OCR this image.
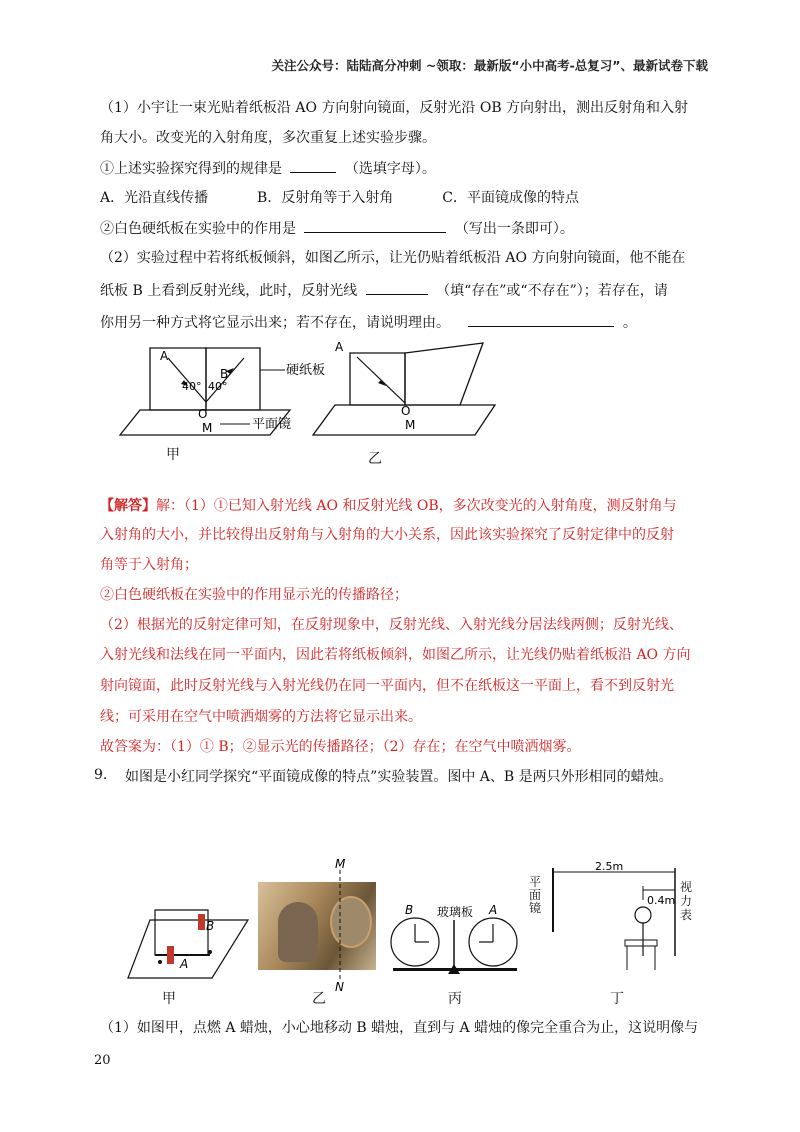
关注公众号：陆陆高分冲刺 ~领取：最新版“小中高考-总复习”、最新试卷下载
（1）小宇让一束光贴着纸板沿 AO 方向射向镜面，反射光沿 OB 方向射出，测出反射角和入射
角大小。改变光的入射角度，多次重复上述实验步骤。
①上述实验探究得到的规律是	（选填字母）。
A．光沿直线传播	B．反射角等于入射角	C．平面镜成像的特点
②白色硬纸板在实验中的作用是	（写出一条即可）。
（2）实验过程中若将纸板倾斜，如图乙所示，让光仍贴着纸板沿 AO 方向射向镜面，他不能在
纸板 B 上看到反射光线，此时，反射光线	（填“存在”或“不存在”）；若存在，请
你用另一种方式将它显示出来；若不存在，请说明理由。	。
A
B
40° 40°
O
M
硬纸板
平面镜
甲
A
O
M
乙
【解答】解：（1）①已知入射光线 AO 和反射光线 OB，多次改变光的入射角度，测反射角与
入射角的大小，并比较得出反射角与入射角的大小关系，因此该实验探究了反射定律中的反射
角等于入射角；
②白色硬纸板在实验中的作用显示光的传播路径；
（2）根据光的反射定律可知，在反射现象中，反射光线、入射光线分居法线两侧；反射光线、
入射光线和法线在同一平面内，因此若将纸板倾斜，如图乙所示，让光线仍贴着纸板沿 AO 方向
射向镜面，此时反射光线与入射光线仍在同一平面内，但不在纸板这一平面上，看不到反射光
线；可采用在空气中喷洒烟雾的方法将它显示出来。
故答案为：（1）① B；②显示光的传播路径；（2）存在；在空气中喷洒烟雾。
9. 如图是小红同学探究“平面镜成像的特点”实验装置。图中 A、B 是两只外形相同的蜡烛。
B
A
甲
M
N
乙
B	A
玻璃板
丙
2.5m
0.4m
平面镜
视力表
丁
（1）如图甲，点燃 A 蜡烛，小心地移动 B 蜡烛，直到与 A 蜡烛的像完全重合为止，这说明像与
20
